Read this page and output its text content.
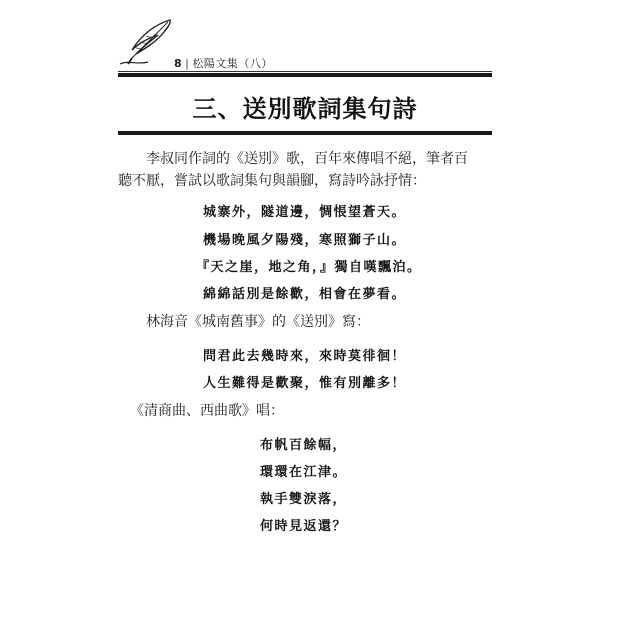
8 | 松陽文集（八）
三、送別歌詞集句詩
李叔同作詞的《送別》歌，百年來傳唱不絕，筆者百
聽不厭，嘗試以歌詞集句與韻腳，寫詩吟詠抒情：
城寨外，隧道邊，惆悵望蒼天。
機場晚風夕陽殘，寒照獅子山。
『天之崖，地之角，』獨自嘆飄泊。
綿綿話別是餘歡，相會在夢看。
林海音《城南舊事》的《送別》寫：
問君此去幾時來，來時莫徘徊！
人生難得是歡聚，惟有別離多！
《清商曲、西曲歌》唱：
布帆百餘幅，
環環在江津。
執手雙淚落，
何時見返還？
